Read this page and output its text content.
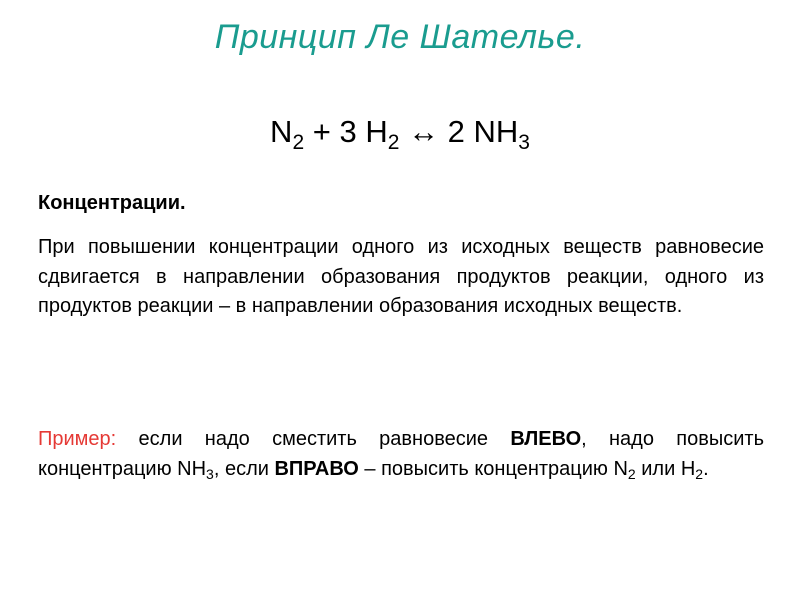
Принцип Ле Шателье.
$N_2 + 3$ $H_2$ ↔ 2 $NH_3$
Концентрации.
При повышении концентрации одного из исходных веществ равновесие сдвигается в направлении образования продуктов реакции, одного из продуктов реакции – в направлении образования исходных веществ.
Пример: если надо сместить равновесие ВЛЕВО, надо повысить концентрацию $NH_3$, если ВПРАВО – повысить концентрацию $N_2$ или $H_2$.
